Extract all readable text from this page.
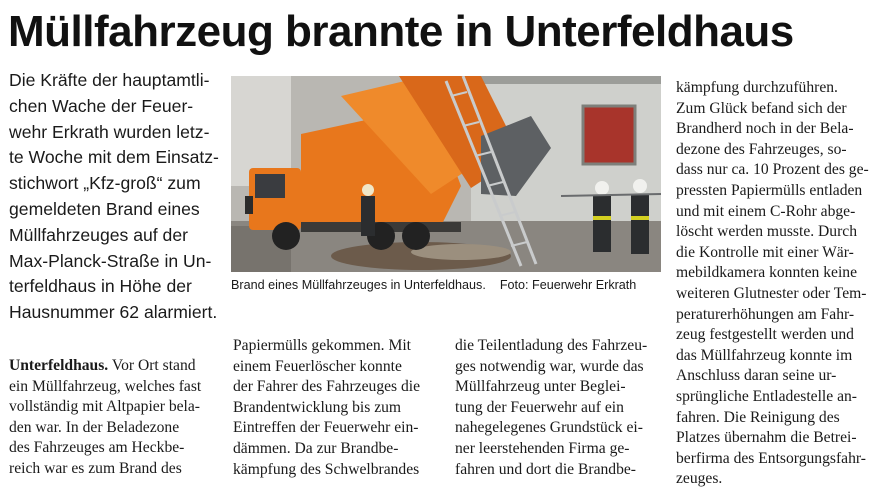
Müllfahrzeug brannte in Unterfeldhaus

Die Kräfte der hauptamtli-

chen Wache der Feuer-

wehr Erkrath wurden letz-

te Woche mit dem Einsatz-

stichwort „Kfz-groß“ zum

gemeldeten Brand eines

Müllfahrzeuges auf der

Max-Planck-Straße in Un-

terfeldhaus in Höhe der

Hausnummer 62 alarmiert.

Brand eines Müllfahrzeuges in Unterfeldhaus. Foto: Feuerwehr Erkrath

Unterfeldhaus. Vor Ort stand

ein Müllfahrzeug, welches fast

vollständig mit Altpapier bela-

den war. In der Beladezone

des Fahrzeuges am Heckbe-

reich war es zum Brand des

Papiermülls gekommen. Mit

einem Feuerlöscher konnte

der Fahrer des Fahrzeuges die

Brandentwicklung bis zum

Eintreffen der Feuerwehr ein-

dämmen. Da zur Brandbe-

kämpfung des Schwelbrandes

die Teilentladung des Fahrzeu-

ges notwendig war, wurde das

Müllfahrzeug unter Beglei-

tung der Feuerwehr auf ein

nahegelegenes Grundstück ei-

ner leerstehenden Firma ge-

fahren und dort die Brandbe-

kämpfung durchzuführen.

Zum Glück befand sich der

Brandherd noch in der Bela-

dezone des Fahrzeuges, so-

dass nur ca. 10 Prozent des ge-

pressten Papiermülls entladen

und mit einem C-Rohr abge-

löscht werden musste. Durch

die Kontrolle mit einer Wär-

mebildkamera konnten keine

weiteren Glutnester oder Tem-

peraturerhöhungen am Fahr-

zeug festgestellt werden und

das Müllfahrzeug konnte im

Anschluss daran seine ur-

sprüngliche Entladestelle an-

fahren. Die Reinigung des

Platzes übernahm die Betrei-

berfirma des Entsorgungsfahr-

zeuges.
